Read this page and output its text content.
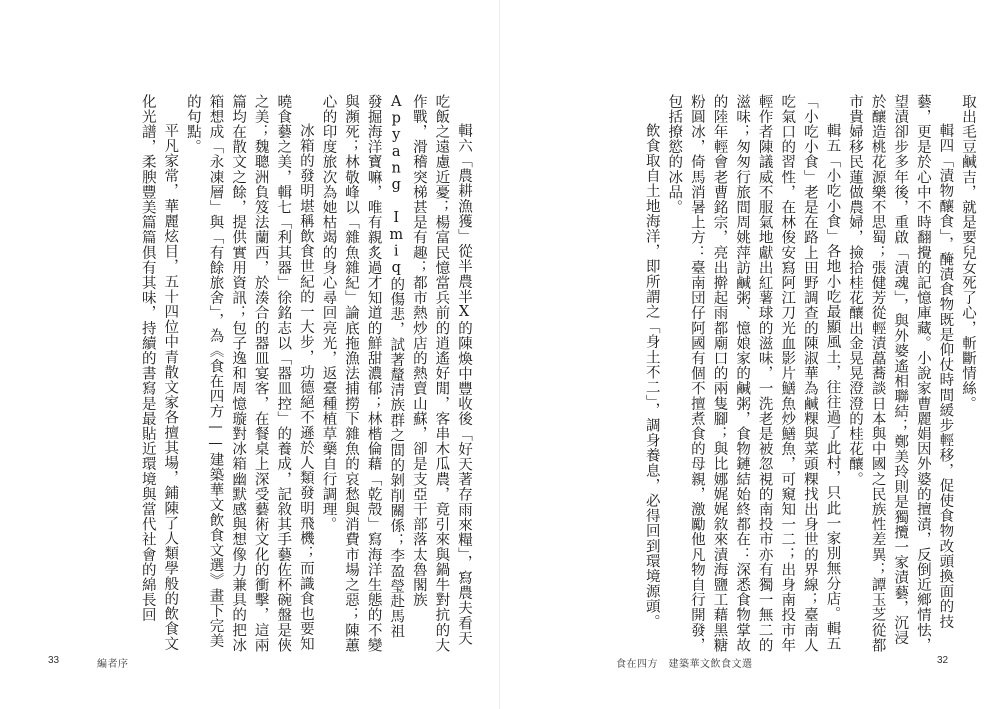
輯六「農耕漁獲」從半農半X的陳煥中豐收後「好天著存雨來糧」，寫農夫看天吃飯之遠慮近憂；楊富民憶當兵前的逍遙好閒，客串木瓜農，竟引來與鍋牛對抗的大作戰，滑稽突梯甚是有趣；都市熱炒店的熱賣山蘇，卻是支亞干部落太魯閣族Apyang Imiq的傷悲，試著釐清族群之間的剝削關係；李盈瑩赴馬祖發掘海洋寶嘛，唯有親炙過才知道的鮮甜濃郁；林楷倫藉「乾殼」寫海洋生態的不變與瀕死；林敬峰以「雜魚雜紀」論底拖漁法捕撈下雜魚的哀愁與消費市場之惡；陳蕙心的印度旅次為她枯竭的身心尋回亮光，返臺種植草藥自行調理。

冰箱的發明堪稱飲食世紀的一大步，功德絕不遜於人類發明飛機；而識食也要知曉食藝之美，輯七「利其器」徐銘志以「器皿控」的養成，記敘其手藝佐杯碗盤是俠之美；魏聰洲負笈法蘭西，於湊合的器皿宴客，在餐桌上深受藝術文化的衝擊，這兩篇均在散文之餘，提供實用資訊；包子逸和周憶璇對冰箱幽默感與想像力兼具的把冰箱想成「永凍層」與「有餘旅舍」，為《食在四方——建築華文飲食文選》畫下完美的句點。

平凡家常，華麗炫目，五十四位中青散文家各擅其場，鋪陳了人類學般的飲食文化光譜，柔腴豐美篇篇俱有其味，持續的書寫是最貼近環境與當代社會的綿長回

33	編者序

取出毛豆鹹吉，就是要兒女死了心，斬斷情絲。

輯四「漬物釀食」，醃漬食物既是仰仗時間緩步輕移，促使食物改頭換面的技藝，更是於心中不時翻攪的記憶庫藏。小說家曹麗娟因外婆的擅漬，反倒近鄉情怯，望漬卻步多年後，重啟「漬魂」，與外婆遙相聯結；鄭美玲則是獨攬一家漬藝，沉浸於釀造桃花源樂不思蜀；張健芳從輕漬藠蕎談日本與中國之民族性差異；譚玉芝從都市貴婦移民蓮做農婦，撿拾桂花釀出金晃晃澄澄的桂花釀。

輯五「小吃小食」各地小吃最顯風土，往往過了此村，只此一家別無分店。輯五「小吃小食」老是在路上田野調查的陳淑華為鹹粿與菜頭粿找出身世的界線；臺南人吃氣口的習性，在林俊安寫阿江刀光血影片鱔魚炒鱔魚，可窺知一二；出身南投市年輕作者陳議威不服氣地獻出紅薯球的滋味，一洗老是被忽視的南投市亦有獨一無二的滋味；匆匆行旅間周姚萍訪鹹粥、憶娘家的鹹粥，食物鏈結始終都在：深悉食物掌故的陸年輕會老曹銘宗，亮出擀起雨都廟口的兩隻腳；與比娜娓娓敘來漬海鹽工藉黑糖粉圓冰，倚馬消暑上方：臺南団仔阿國有個不擅煮食的母親，激勵他凡物自行開發，包括撩慾的冰品。

飲食取自土地海洋，即所謂之「身土不二」，調身養息，必得回到環境源頭。

食在四方　建築華文飲食文選	32
